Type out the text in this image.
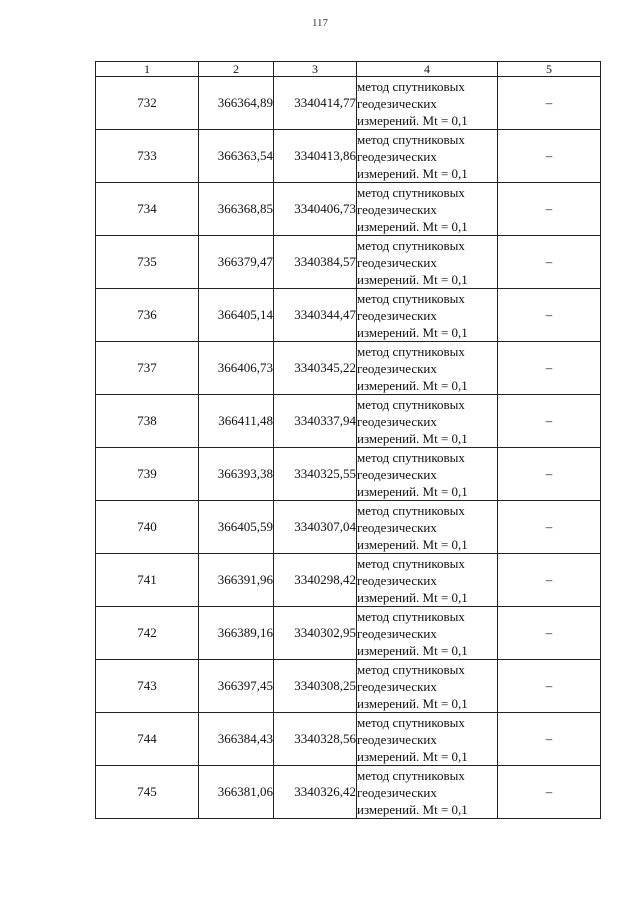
117
1	2	3	4	5
732	366364,89	3340414,77	метод спутниковых
геодезических
измерений. Mt = 0,1	–
733	366363,54	3340413,86	метод спутниковых
геодезических
измерений. Mt = 0,1	–
734	366368,85	3340406,73	метод спутниковых
геодезических
измерений. Mt = 0,1	–
735	366379,47	3340384,57	метод спутниковых
геодезических
измерений. Mt = 0,1	–
736	366405,14	3340344,47	метод спутниковых
геодезических
измерений. Mt = 0,1	–
737	366406,73	3340345,22	метод спутниковых
геодезических
измерений. Mt = 0,1	–
738	366411,48	3340337,94	метод спутниковых
геодезических
измерений. Mt = 0,1	–
739	366393,38	3340325,55	метод спутниковых
геодезических
измерений. Mt = 0,1	–
740	366405,59	3340307,04	метод спутниковых
геодезических
измерений. Mt = 0,1	–
741	366391,96	3340298,42	метод спутниковых
геодезических
измерений. Mt = 0,1	–
742	366389,16	3340302,95	метод спутниковых
геодезических
измерений. Mt = 0,1	–
743	366397,45	3340308,25	метод спутниковых
геодезических
измерений. Mt = 0,1	–
744	366384,43	3340328,56	метод спутниковых
геодезических
измерений. Mt = 0,1	–
745	366381,06	3340326,42	метод спутниковых
геодезических
измерений. Mt = 0,1	–
